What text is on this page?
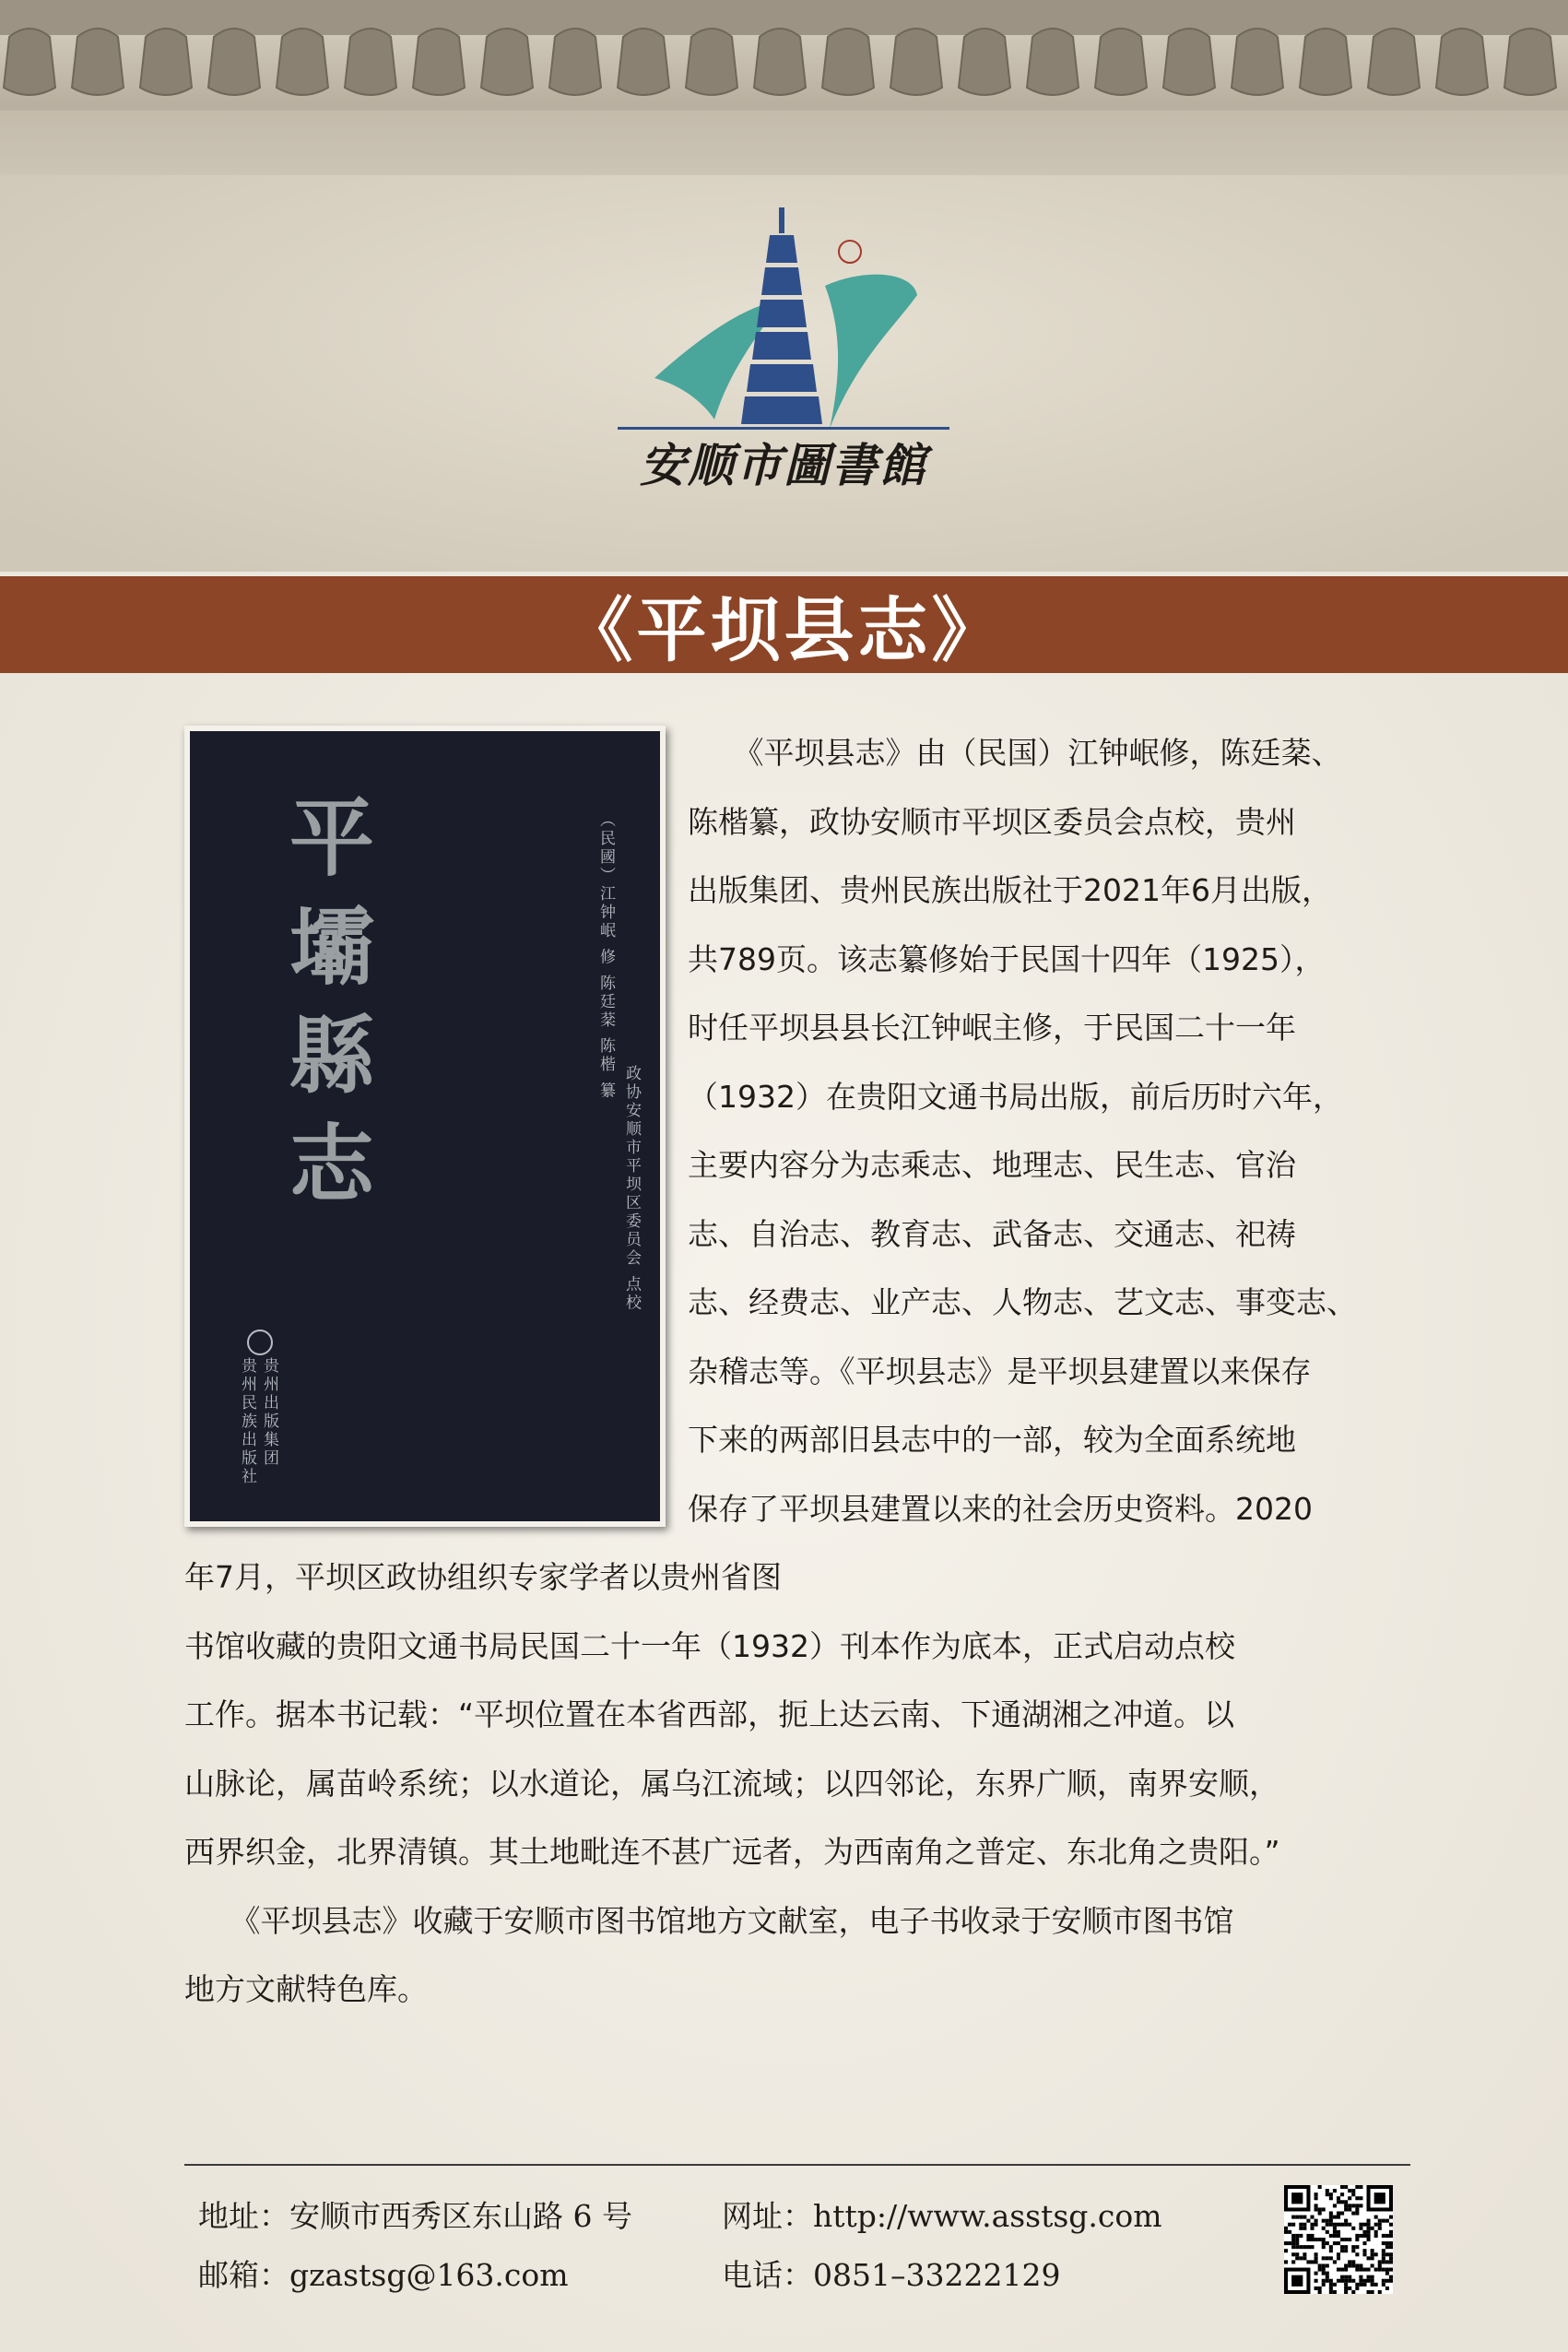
安顺市圖書館
《平坝县志》
平
壩
縣
志
（民國）江钟岷 修 陈廷棻 陈楷 纂
政协安顺市平坝区委员会 点校
贵州出版集团
贵州民族出版社
　　《平坝县志》由（民国）江钟岷修，陈廷棻、
陈楷纂，政协安顺市平坝区委员会点校，贵州
出版集团、贵州民族出版社于2021年6月出版，
共789页。该志纂修始于民国十四年（1925），
时任平坝县县长江钟岷主修，于民国二十一年
（1932）在贵阳文通书局出版，前后历时六年，
主要内容分为志乘志、地理志、民生志、官治
志、自治志、教育志、武备志、交通志、祀祷
志、经费志、业产志、人物志、艺文志、事变志、
杂稽志等。《平坝县志》是平坝县建置以来保存
下来的两部旧县志中的一部，较为全面系统地
保存了平坝县建置以来的社会历史资料。2020
年7月，平坝区政协组织专家学者以贵州省图
书馆收藏的贵阳文通书局民国二十一年（1932）刊本作为底本，正式启动点校
工作。据本书记载：“平坝位置在本省西部，扼上达云南、下通湖湘之冲道。以
山脉论，属苗岭系统；以水道论，属乌江流域；以四邻论，东界广顺，南界安顺，
西界织金，北界清镇。其土地毗连不甚广远者，为西南角之普定、东北角之贵阳。”
　　《平坝县志》收藏于安顺市图书馆地方文献室，电子书收录于安顺市图书馆
地方文献特色库。
地址：安顺市西秀区东山路 6 号	网址：http://www.asstsg.com
邮箱：gzastsg@163.com	电话：0851–33222129
